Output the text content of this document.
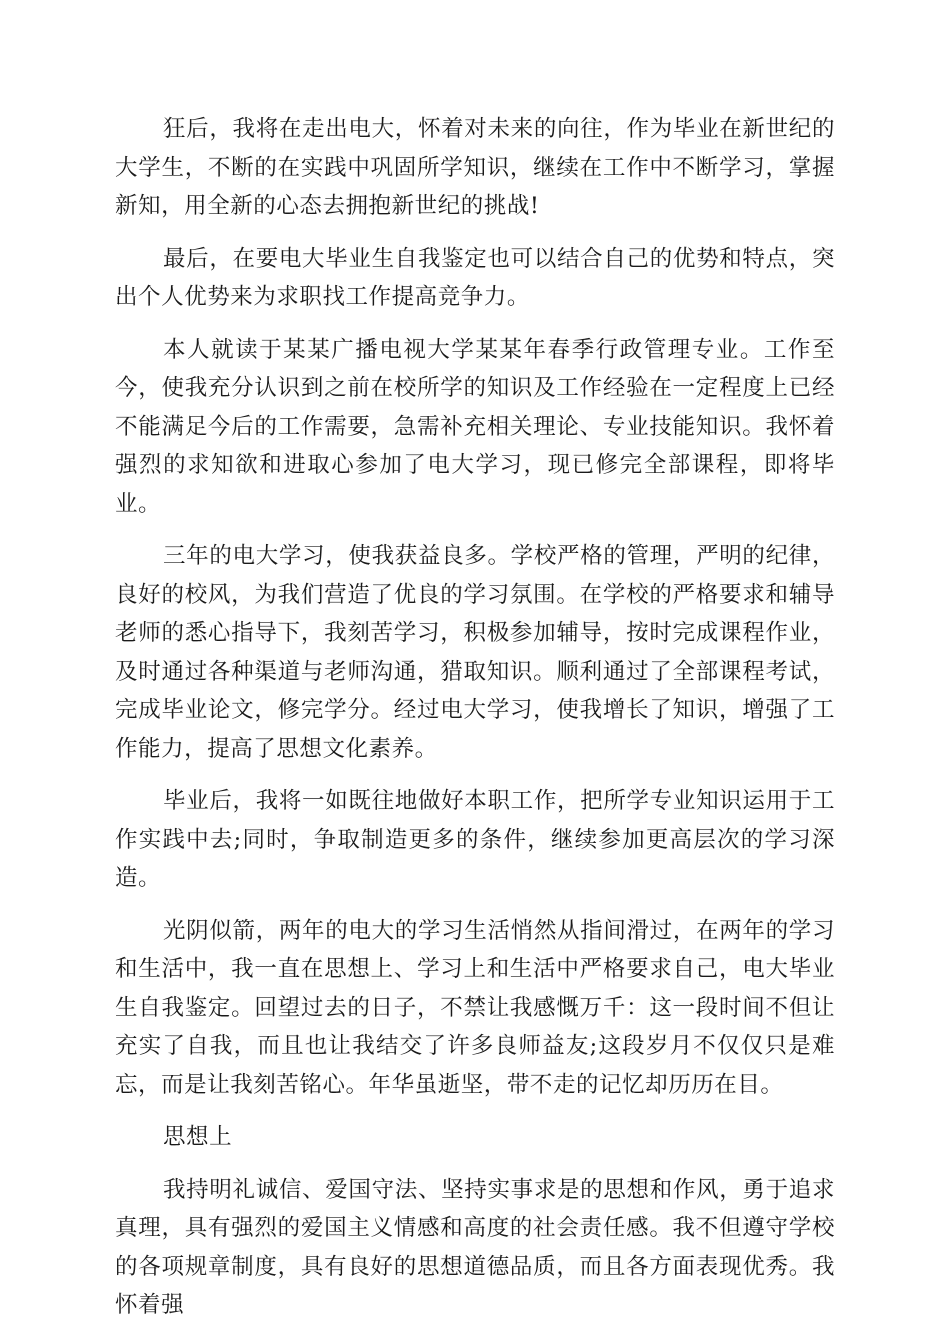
狂后，我将在走出电大，怀着对未来的向往，作为毕业在新世纪的大学生，不断的在实践中巩固所学知识，继续在工作中不断学习，掌握新知，用全新的心态去拥抱新世纪的挑战!

最后，在要电大毕业生自我鉴定也可以结合自己的优势和特点，突出个人优势来为求职找工作提高竞争力。

本人就读于某某广播电视大学某某年春季行政管理专业。工作至今，使我充分认识到之前在校所学的知识及工作经验在一定程度上已经不能满足今后的工作需要，急需补充相关理论、专业技能知识。我怀着强烈的求知欲和进取心参加了电大学习，现已修完全部课程，即将毕业。

三年的电大学习，使我获益良多。学校严格的管理，严明的纪律，良好的校风，为我们营造了优良的学习氛围。在学校的严格要求和辅导老师的悉心指导下，我刻苦学习，积极参加辅导，按时完成课程作业，及时通过各种渠道与老师沟通，猎取知识。顺利通过了全部课程考试，完成毕业论文，修完学分。经过电大学习，使我增长了知识，增强了工作能力，提高了思想文化素养。

毕业后，我将一如既往地做好本职工作，把所学专业知识运用于工作实践中去;同时，争取制造更多的条件，继续参加更高层次的学习深造。

光阴似箭，两年的电大的学习生活悄然从指间滑过，在两年的学习和生活中，我一直在思想上、学习上和生活中严格要求自己，电大毕业生自我鉴定。回望过去的日子，不禁让我感慨万千：这一段时间不但让充实了自我，而且也让我结交了许多良师益友;这段岁月不仅仅只是难忘，而是让我刻苦铭心。年华虽逝坚，带不走的记忆却历历在目。

思想上

我持明礼诚信、爱国守法、坚持实事求是的思想和作风，勇于追求真理，具有强烈的爱国主义情感和高度的社会责任感。我不但遵守学校的各项规章制度，具有良好的思想道德品质，而且各方面表现优秀。我怀着强
